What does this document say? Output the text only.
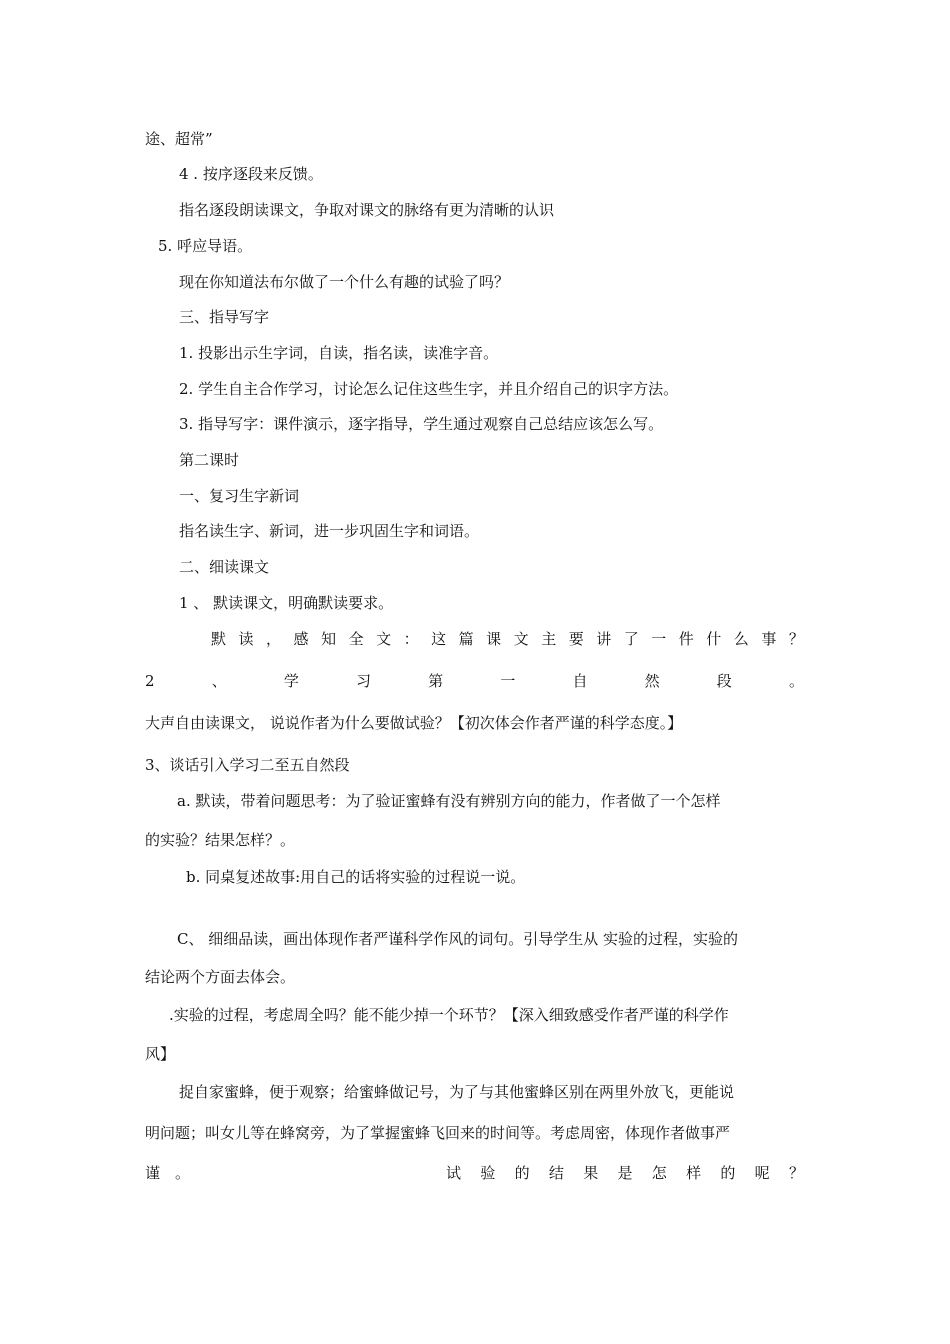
途、超常”

4 . 按序逐段来反馈。

指名逐段朗读课文，争取对课文的脉络有更为清晰的认识

5. 呼应导语。

现在你知道法布尔做了一个什么有趣的试验了吗？

三、指导写字

1. 投影出示生字词，自读，指名读，读准字音。

2. 学生自主合作学习，讨论怎么记住这些生字，并且介绍自己的识字方法。

3. 指导写字：课件演示，逐字指导，学生通过观察自己总结应该怎么写。

第二课时

一、复习生字新词

指名读生字、新词，进一步巩固生字和词语。

二、细读课文

1 、 默读课文，明确默读要求。

默 读 ， 感 知 全 文 ： 这 篇 课 文 主 要 讲 了 一 件 什 么 事 ？
2	、	学	习	第	一	自	然	段	。

大声自由读课文， 说说作者为什么要做试验？【初次体会作者严谨的科学态度。】

3、谈话引入学习二至五自然段

a. 默读，带着问题思考：为了验证蜜蜂有没有辨别方向的能力，作者做了一个怎样

的实验？结果怎样？。

b. 同桌复述故事:用自己的话将实验的过程说一说。

C、 细细品读，画出体现作者严谨科学作风的词句。引导学生从 实验的过程，实验的

结论两个方面去体会。

.实验的过程，考虑周全吗？能不能少掉一个环节？【深入细致感受作者严谨的科学作

风】

捉自家蜜蜂，便于观察；给蜜蜂做记号，为了与其他蜜蜂区别在两里外放飞，更能说

明问题；叫女儿等在蜂窝旁，为了掌握蜜蜂飞回来的时间等。考虑周密，体现作者做事严

谨 。	试 验 的 结 果 是 怎 样 的 呢 ？
